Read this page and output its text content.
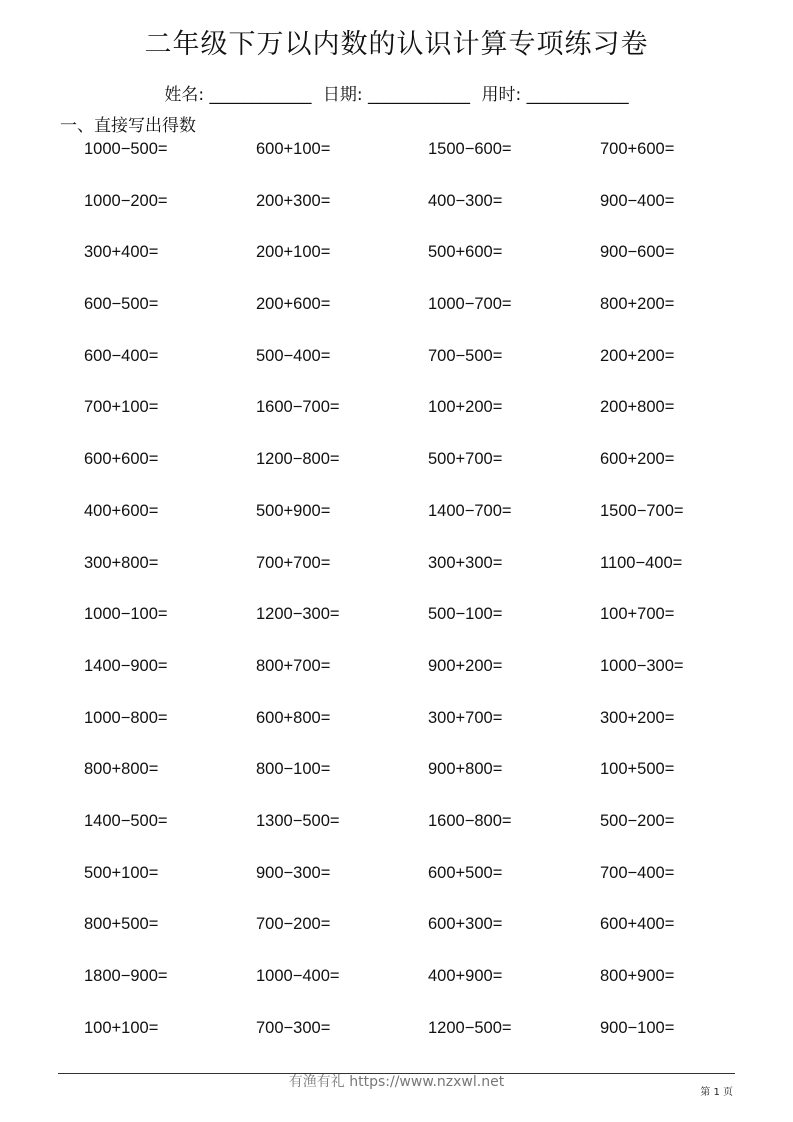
二年级下万以内数的认识计算专项练习卷
姓名: ____________ 日期: ____________ 用时: ____________
一、直接写出得数
1000−500=	600+100=	1500−600=	700+600=
1000−200=	200+300=	400−300=	900−400=
300+400=	200+100=	500+600=	900−600=
600−500=	200+600=	1000−700=	800+200=
600−400=	500−400=	700−500=	200+200=
700+100=	1600−700=	100+200=	200+800=
600+600=	1200−800=	500+700=	600+200=
400+600=	500+900=	1400−700=	1500−700=
300+800=	700+700=	300+300=	1100−400=
1000−100=	1200−300=	500−100=	100+700=
1400−900=	800+700=	900+200=	1000−300=
1000−800=	600+800=	300+700=	300+200=
800+800=	800−100=	900+800=	100+500=
1400−500=	1300−500=	1600−800=	500−200=
500+100=	900−300=	600+500=	700−400=
800+500=	700−200=	600+300=	600+400=
1800−900=	1000−400=	400+900=	800+900=
100+100=	700−300=	1200−500=	900−100=
有渔有礼 https://www.nzxwl.net
第 1 页
